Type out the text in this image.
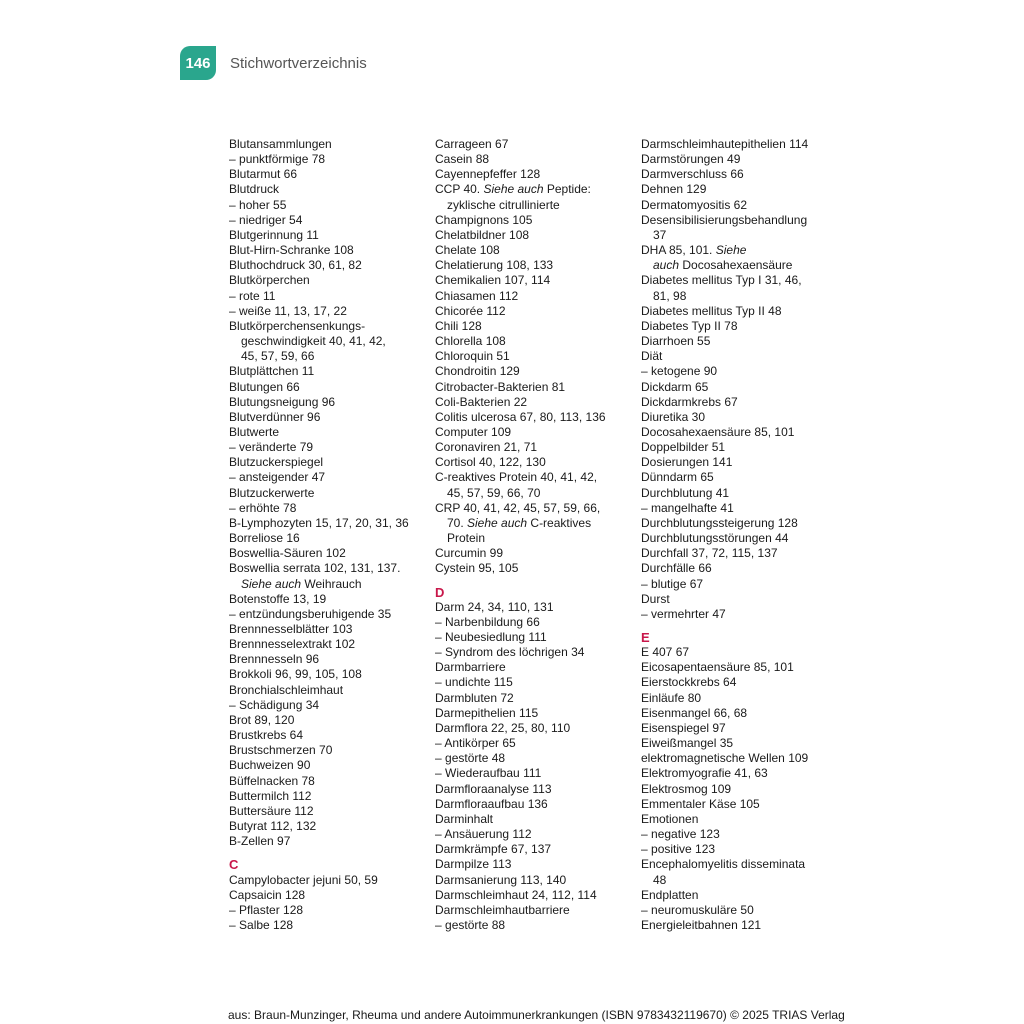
146	Stichwortverzeichnis
Blutansammlungen
– punktförmige 78
Blutarmut 66
Blutdruck
– hoher 55
– niedriger 54
Blutgerinnung 11
Blut-Hirn-Schranke 108
Bluthochdruck 30, 61, 82
Blutkörperchen
– rote 11
– weiße 11, 13, 17, 22
Blutkörperchensenkungs-
geschwindigkeit 40, 41, 42,
45, 57, 59, 66
Blutplättchen 11
Blutungen 66
Blutungsneigung 96
Blutverdünner 96
Blutwerte
– veränderte 79
Blutzuckerspiegel
– ansteigender 47
Blutzuckerwerte
– erhöhte 78
B-Lymphozyten 15, 17, 20, 31, 36
Borreliose 16
Boswellia-Säuren 102
Boswellia serrata 102, 131, 137.
Siehe auch Weihrauch
Botenstoffe 13, 19
– entzündungsberuhigende 35
Brennnesselblätter 103
Brennnesselextrakt 102
Brennnesseln 96
Brokkoli 96, 99, 105, 108
Bronchialschleimhaut
– Schädigung 34
Brot 89, 120
Brustkrebs 64
Brustschmerzen 70
Buchweizen 90
Büffelnacken 78
Buttermilch 112
Buttersäure 112
Butyrat 112, 132
B-Zellen 97
C
Campylobacter jejuni 50, 59
Capsaicin 128
– Pflaster 128
– Salbe 128
Carrageen 67
Casein 88
Cayennepfeffer 128
CCP 40. Siehe auch Peptide:
zyklische citrullinierte
Champignons 105
Chelatbildner 108
Chelate 108
Chelatierung 108, 133
Chemikalien 107, 114
Chiasamen 112
Chicorée 112
Chili 128
Chlorella 108
Chloroquin 51
Chondroitin 129
Citrobacter-Bakterien 81
Coli-Bakterien 22
Colitis ulcerosa 67, 80, 113, 136
Computer 109
Coronaviren 21, 71
Cortisol 40, 122, 130
C-reaktives Protein 40, 41, 42,
45, 57, 59, 66, 70
CRP 40, 41, 42, 45, 57, 59, 66,
70. Siehe auch C-reaktives
Protein
Curcumin 99
Cystein 95, 105
D
Darm 24, 34, 110, 131
– Narbenbildung 66
– Neubesiedlung 111
– Syndrom des löchrigen 34
Darmbarriere
– undichte 115
Darmbluten 72
Darmepithelien 115
Darmflora 22, 25, 80, 110
– Antikörper 65
– gestörte 48
– Wiederaufbau 111
Darmfloraanalyse 113
Darmfloraaufbau 136
Darminhalt
– Ansäuerung 112
Darmkrämpfe 67, 137
Darmpilze 113
Darmsanierung 113, 140
Darmschleimhaut 24, 112, 114
Darmschleimhautbarriere
– gestörte 88
Darmschleimhautepithelien 114
Darmstörungen 49
Darmverschluss 66
Dehnen 129
Dermatomyositis 62
Desensibilisierungsbehandlung
37
DHA 85, 101. Siehe
auch Docosahexaensäure
Diabetes mellitus Typ I 31, 46,
81, 98
Diabetes mellitus Typ II 48
Diabetes Typ II 78
Diarrhoen 55
Diät
– ketogene 90
Dickdarm 65
Dickdarmkrebs 67
Diuretika 30
Docosahexaensäure 85, 101
Doppelbilder 51
Dosierungen 141
Dünndarm 65
Durchblutung 41
– mangelhafte 41
Durchblutungssteigerung 128
Durchblutungsstörungen 44
Durchfall 37, 72, 115, 137
Durchfälle 66
– blutige 67
Durst
– vermehrter 47
E
E 407 67
Eicosapentaensäure 85, 101
Eierstockkrebs 64
Einläufe 80
Eisenmangel 66, 68
Eisenspiegel 97
Eiweißmangel 35
elektromagnetische Wellen 109
Elektromyografie 41, 63
Elektrosmog 109
Emmentaler Käse 105
Emotionen
– negative 123
– positive 123
Encephalomyelitis disseminata
48
Endplatten
– neuromuskuläre 50
Energieleitbahnen 121
aus: Braun-Munzinger, Rheuma und andere Autoimmunerkrankungen (ISBN 9783432119670) © 2025 TRIAS Verlag
